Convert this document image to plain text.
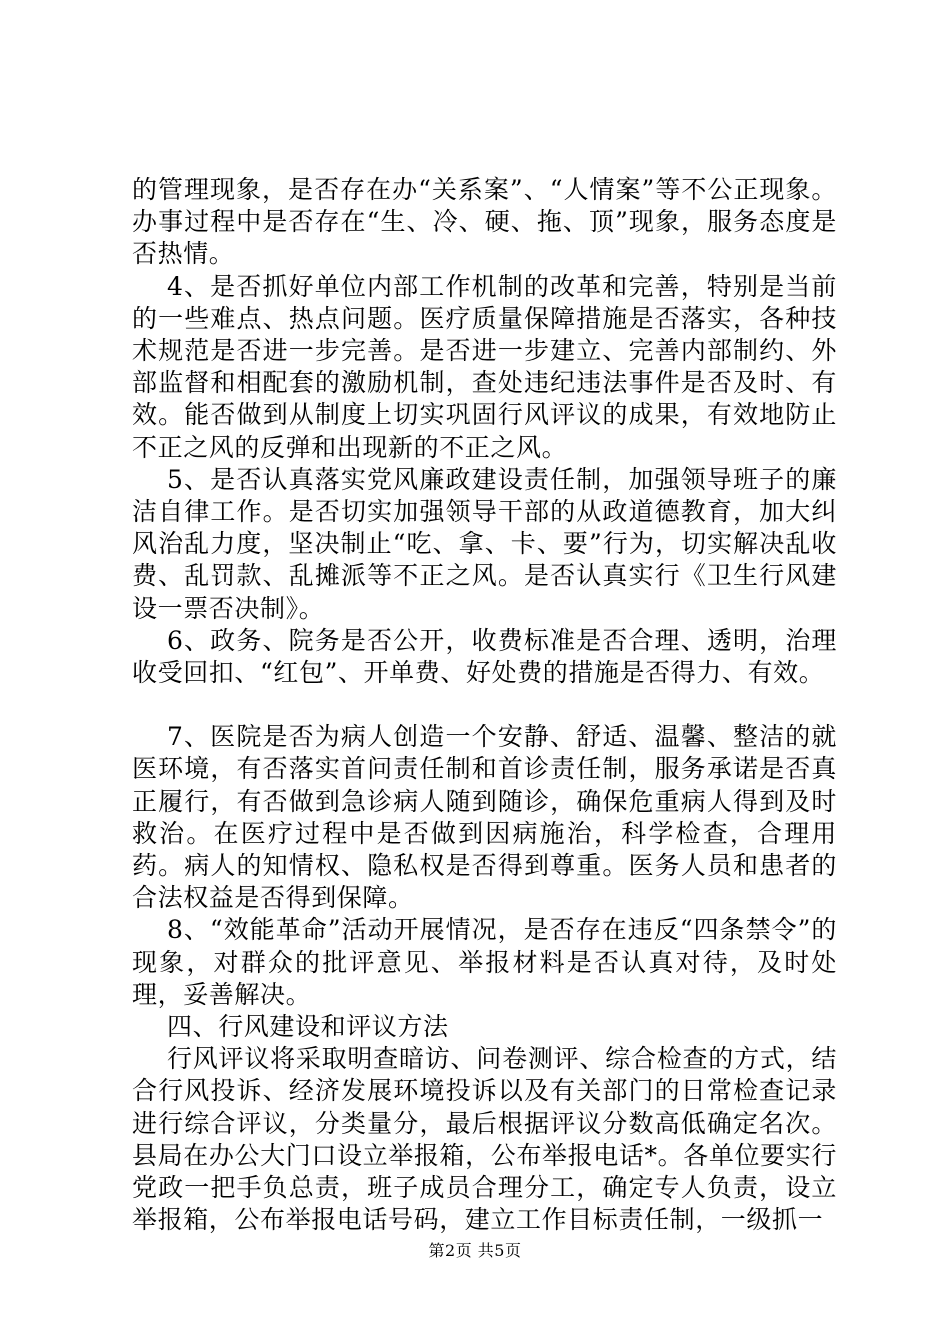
的管理现象，是否存在办“关系案”、“人情案”等不公正现象。办事过程中是否存在“生、冷、硬、拖、顶”现象，服务态度是否热情。

4、是否抓好单位内部工作机制的改革和完善，特别是当前的一些难点、热点问题。医疗质量保障措施是否落实，各种技术规范是否进一步完善。是否进一步建立、完善内部制约、外部监督和相配套的激励机制，查处违纪违法事件是否及时、有效。能否做到从制度上切实巩固行风评议的成果，有效地防止不正之风的反弹和出现新的不正之风。

5、是否认真落实党风廉政建设责任制，加强领导班子的廉洁自律工作。是否切实加强领导干部的从政道德教育，加大纠风治乱力度，坚决制止“吃、拿、卡、要”行为，切实解决乱收费、乱罚款、乱摊派等不正之风。是否认真实行《卫生行风建设一票否决制》。

6、政务、院务是否公开，收费标准是否合理、透明，治理收受回扣、“红包”、开单费、好处费的措施是否得力、有效。

7、医院是否为病人创造一个安静、舒适、温馨、整洁的就医环境，有否落实首问责任制和首诊责任制，服务承诺是否真正履行，有否做到急诊病人随到随诊，确保危重病人得到及时救治。在医疗过程中是否做到因病施治，科学检查，合理用药。病人的知情权、隐私权是否得到尊重。医务人员和患者的合法权益是否得到保障。

8、“效能革命”活动开展情况，是否存在违反“四条禁令”的现象，对群众的批评意见、举报材料是否认真对待，及时处理，妥善解决。

四、行风建设和评议方法

行风评议将采取明查暗访、问卷测评、综合检查的方式，结合行风投诉、经济发展环境投诉以及有关部门的日常检查记录进行综合评议，分类量分，最后根据评议分数高低确定名次。县局在办公大门口设立举报箱，公布举报电话*。各单位要实行党政一把手负总责，班子成员合理分工，确定专人负责，设立举报箱，公布举报电话号码，建立工作目标责任制，一级抓一

第2页 共5页
